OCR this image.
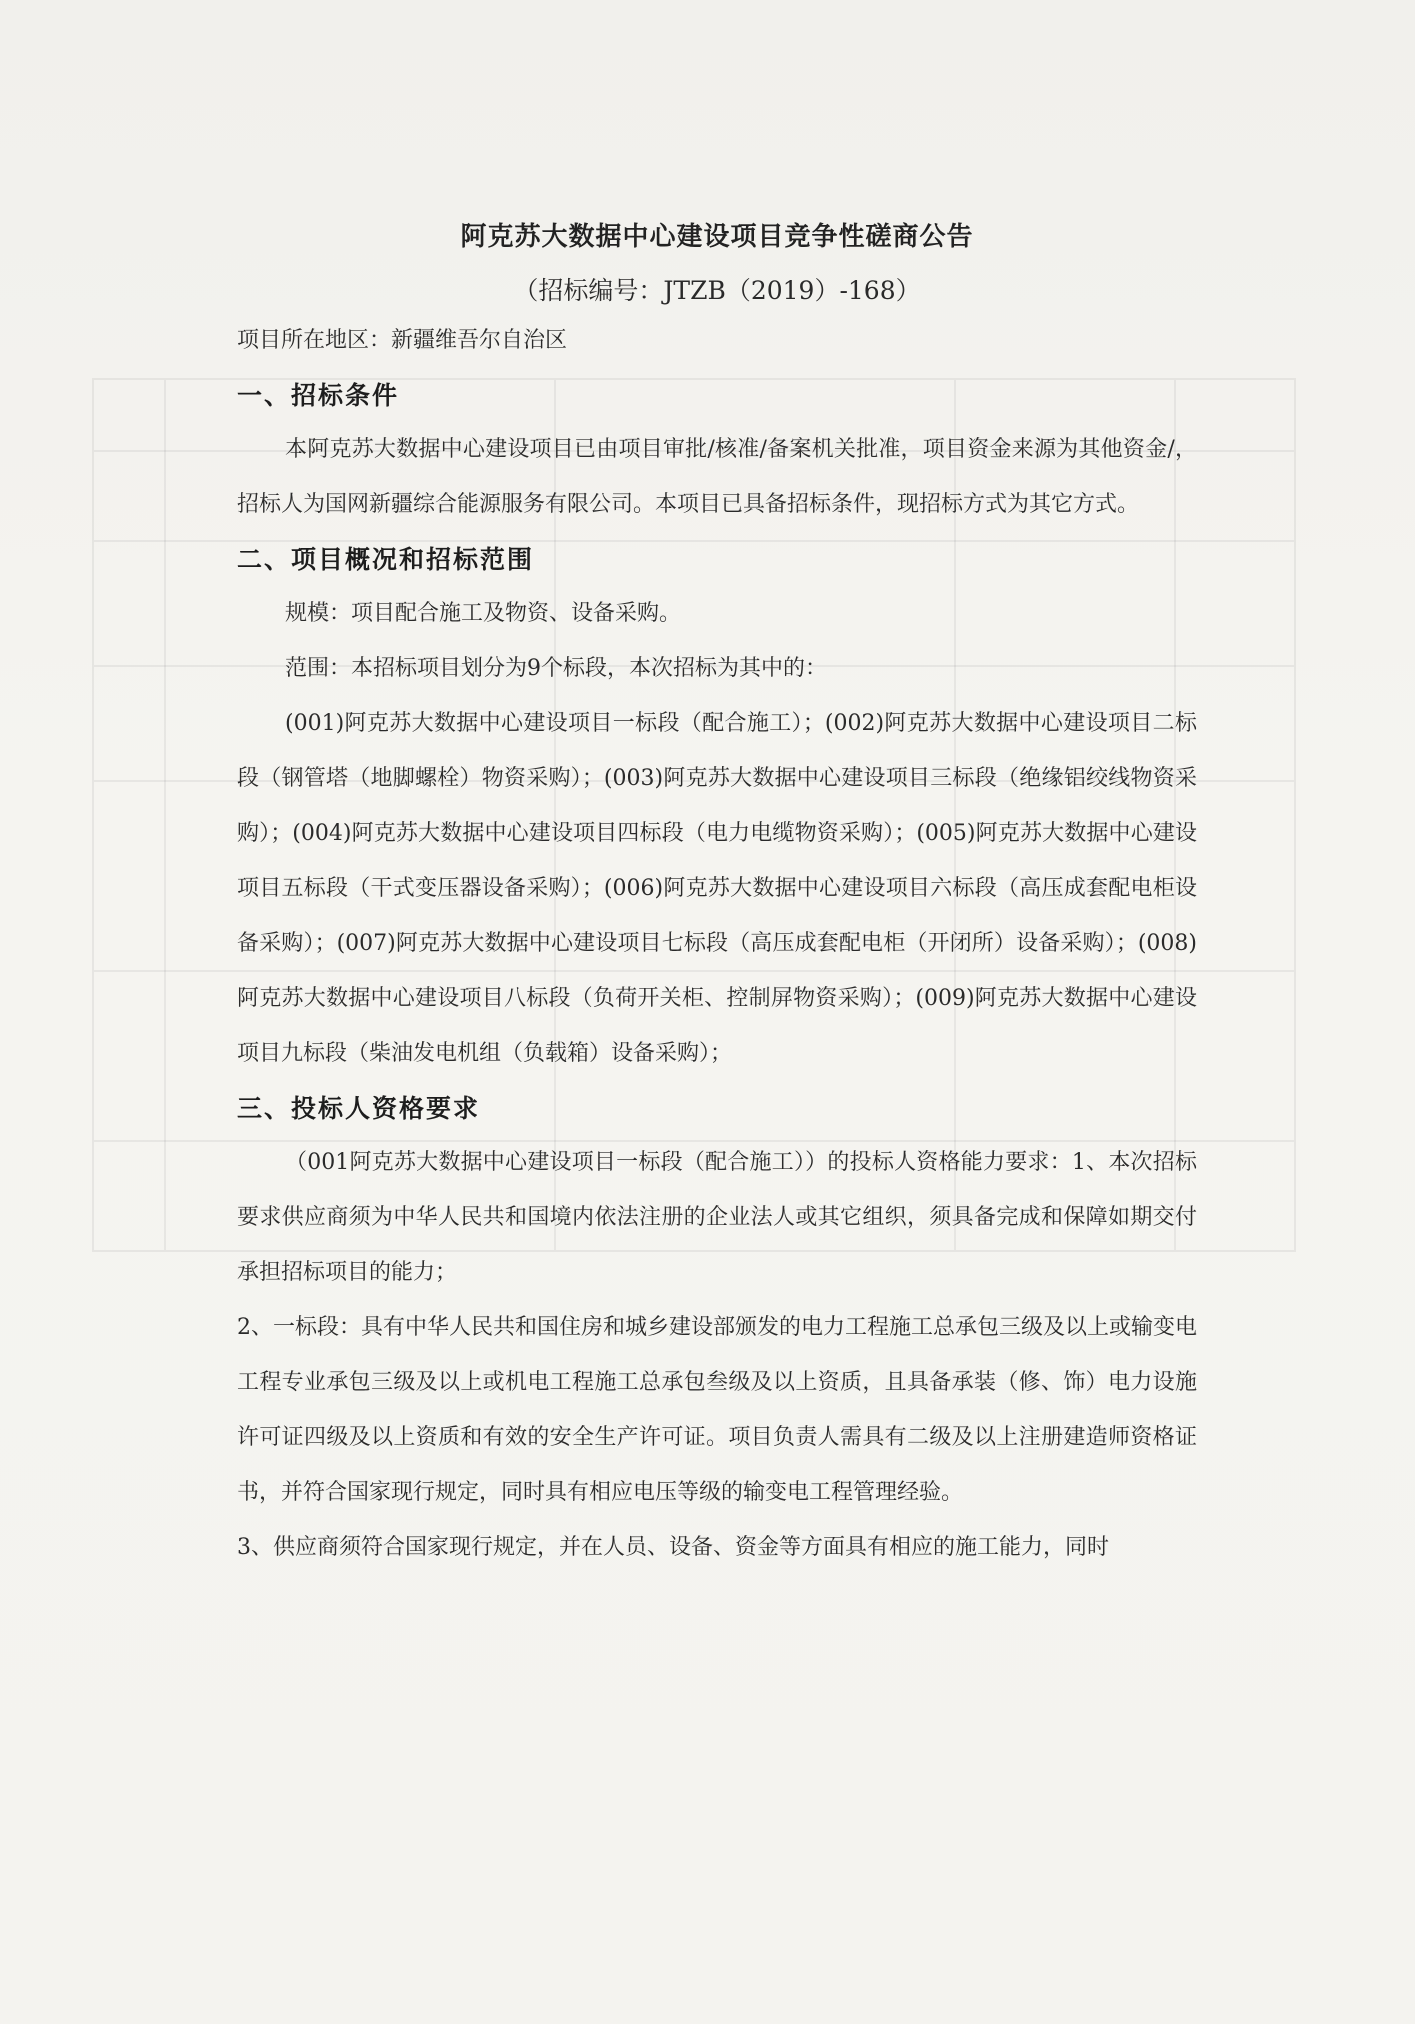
阿克苏大数据中心建设项目竞争性磋商公告

（招标编号：JTZB（2019）-168）

项目所在地区：新疆维吾尔自治区

一、招标条件

本阿克苏大数据中心建设项目已由项目审批/核准/备案机关批准，项目资金来源为其他资金/，招标人为国网新疆综合能源服务有限公司。本项目已具备招标条件，现招标方式为其它方式。

二、项目概况和招标范围

规模：项目配合施工及物资、设备采购。

范围：本招标项目划分为9个标段，本次招标为其中的：

(001)阿克苏大数据中心建设项目一标段（配合施工）；(002)阿克苏大数据中心建设项目二标段（钢管塔（地脚螺栓）物资采购）；(003)阿克苏大数据中心建设项目三标段（绝缘铝绞线物资采购）；(004)阿克苏大数据中心建设项目四标段（电力电缆物资采购）；(005)阿克苏大数据中心建设项目五标段（干式变压器设备采购）；(006)阿克苏大数据中心建设项目六标段（高压成套配电柜设备采购）；(007)阿克苏大数据中心建设项目七标段（高压成套配电柜（开闭所）设备采购）；(008)阿克苏大数据中心建设项目八标段（负荷开关柜、控制屏物资采购）；(009)阿克苏大数据中心建设项目九标段（柴油发电机组（负载箱）设备采购）；

三、投标人资格要求

（001阿克苏大数据中心建设项目一标段（配合施工））的投标人资格能力要求：1、本次招标要求供应商须为中华人民共和国境内依法注册的企业法人或其它组织，须具备完成和保障如期交付承担招标项目的能力；

2、一标段：具有中华人民共和国住房和城乡建设部颁发的电力工程施工总承包三级及以上或输变电工程专业承包三级及以上或机电工程施工总承包叁级及以上资质，且具备承装（修、饰）电力设施许可证四级及以上资质和有效的安全生产许可证。项目负责人需具有二级及以上注册建造师资格证书，并符合国家现行规定，同时具有相应电压等级的输变电工程管理经验。

3、供应商须符合国家现行规定，并在人员、设备、资金等方面具有相应的施工能力，同时
